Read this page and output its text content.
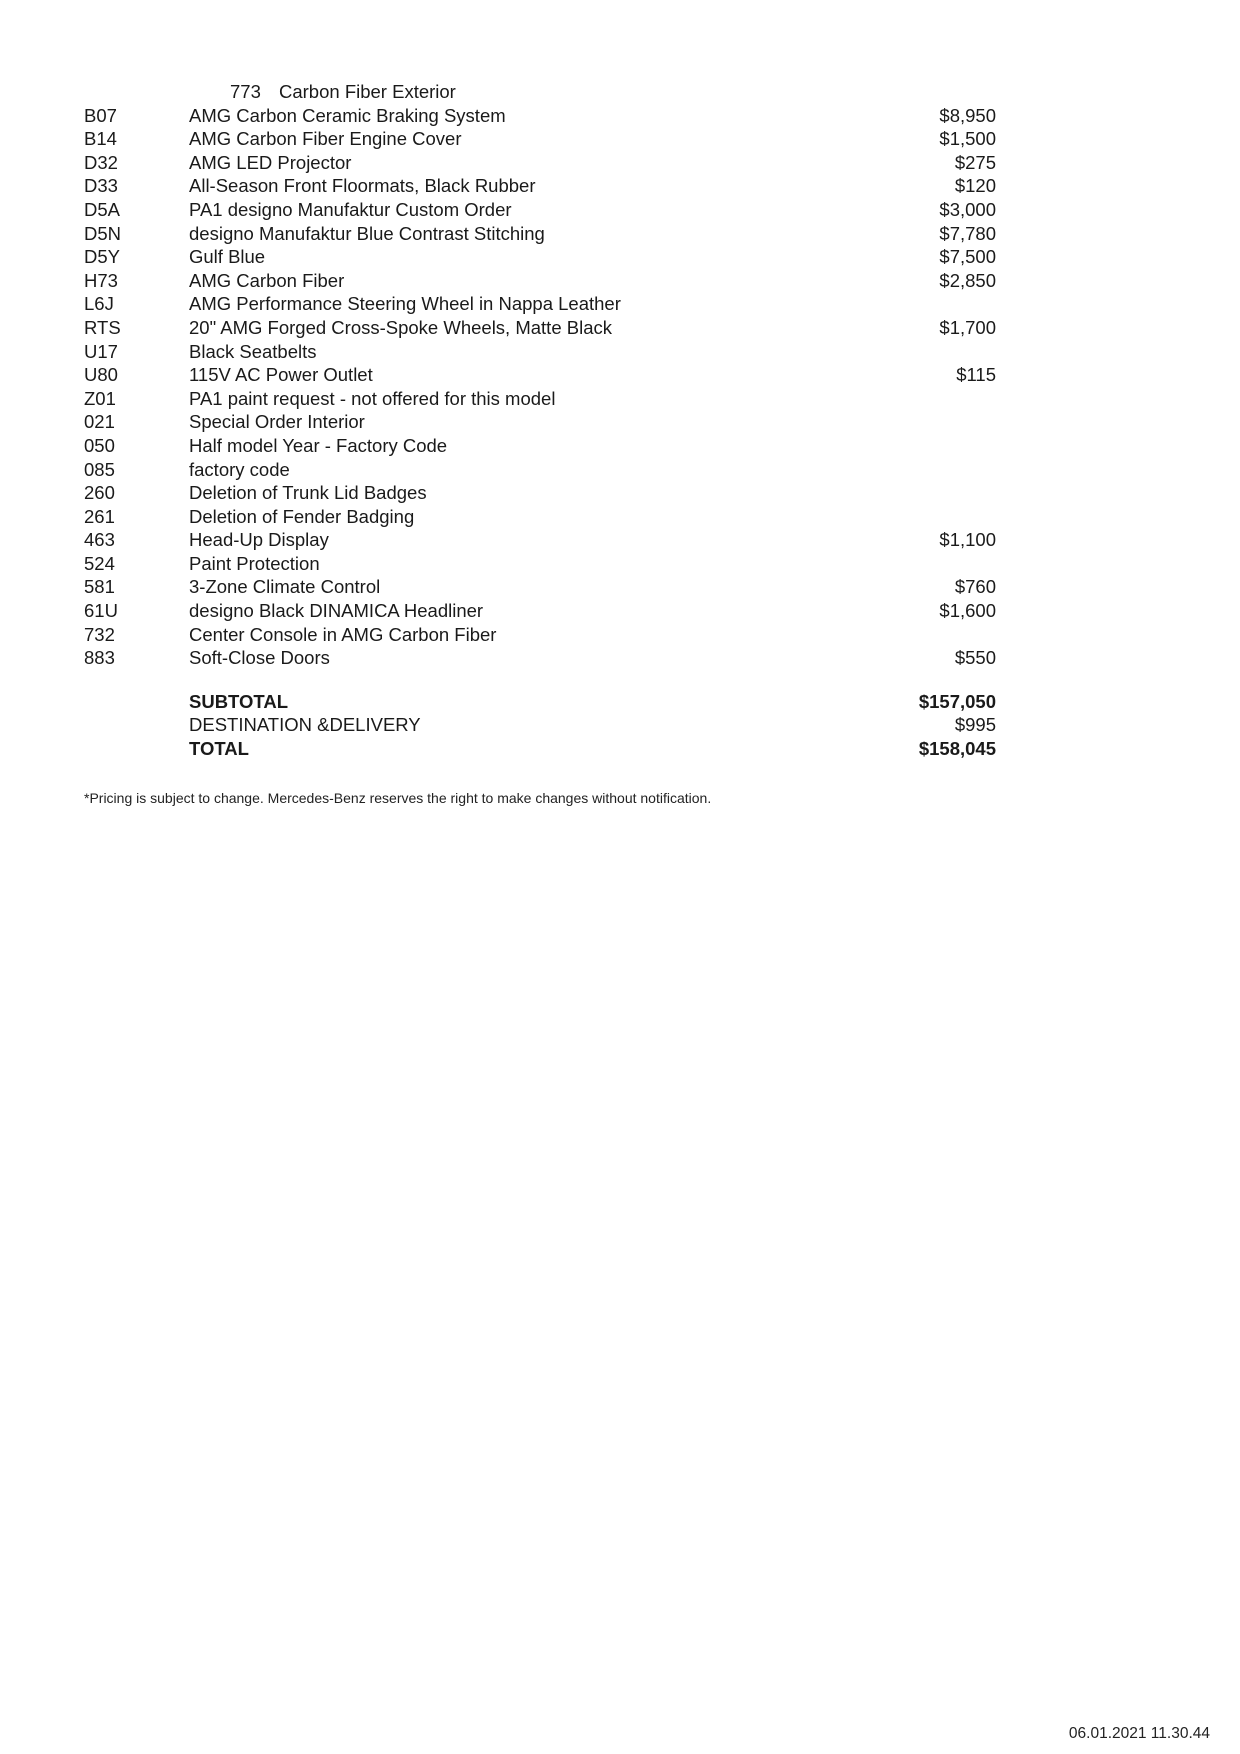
773 Carbon Fiber Exterior
B07	AMG Carbon Ceramic Braking System	$8,950
B14	AMG Carbon Fiber Engine Cover	$1,500
D32	AMG LED Projector	$275
D33	All-Season Front Floormats, Black Rubber	$120
D5A	PA1 designo Manufaktur Custom Order	$3,000
D5N	designo Manufaktur Blue Contrast Stitching	$7,780
D5Y	Gulf Blue	$7,500
H73	AMG Carbon Fiber	$2,850
L6J	AMG Performance Steering Wheel in Nappa Leather	
RTS	20" AMG Forged Cross-Spoke Wheels, Matte Black	$1,700
U17	Black Seatbelts	
U80	115V AC Power Outlet	$115
Z01	PA1 paint request - not offered for this model	
021	Special Order Interior	
050	Half model Year - Factory Code	
085	factory code	
260	Deletion of Trunk Lid Badges	
261	Deletion of Fender Badging	
463	Head-Up Display	$1,100
524	Paint Protection	
581	3-Zone Climate Control	$760
61U	designo Black DINAMICA Headliner	$1,600
732	Center Console in AMG Carbon Fiber	
883	Soft-Close Doors	$550
	SUBTOTAL	$157,050
	DESTINATION &DELIVERY	$995
	TOTAL	$158,045
*Pricing is subject to change. Mercedes-Benz reserves the right to make changes without notification.
06.01.2021 11.30.44
